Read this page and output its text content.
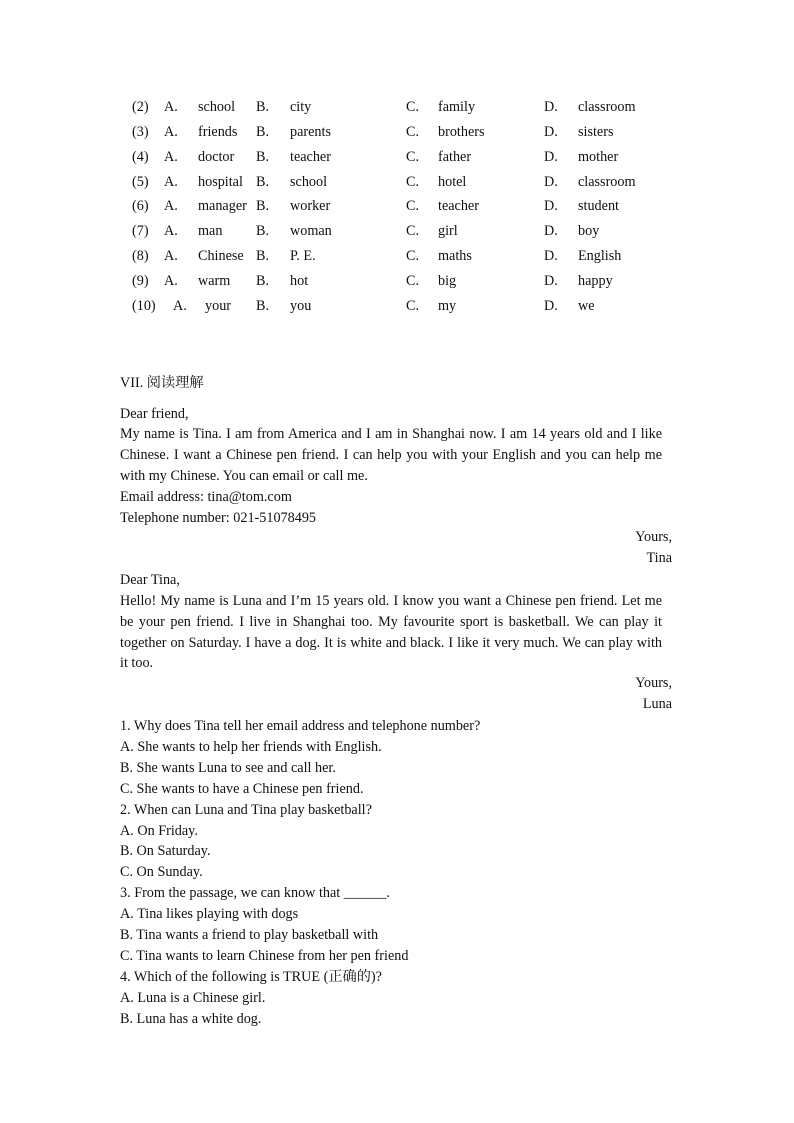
(2) A. school B. city	C. family	D. classroom
(3) A. friends B. parents	C. brothers	D. sisters
(4) A. doctor B. teacher	C. father	D. mother
(5) A. hospital B. school	C. hotel	D. classroom
(6) A. manager B. worker	C. teacher	D. student
(7) A. man B. woman	C. girl	D. boy
(8) A. Chinese B. P. E.	C. maths	D. English
(9) A. warm B. hot	C. big	D. happy
(10) A. your B. you	C. my	D. we
VII. 阅读理解
Dear friend,

My name is Tina. I am from America and I am in Shanghai now. I am 14 years old and I like Chinese. I want a Chinese pen friend. I can help you with your English and you can help me with my Chinese. You can email or call me.

Email address: tina@tom.com
Telephone number: 021-51078495
Yours,
Tina
Dear Tina,

Hello! My name is Luna and I’m 15 years old. I know you want a Chinese pen friend. Let me be your pen friend. I live in Shanghai too. My favourite sport is basketball. We can play it together on Saturday. I have a dog. It is white and black. I like it very much. We can play with it too.

Yours,
Luna
1. Why does Tina tell her email address and telephone number?
A. She wants to help her friends with English.
B. She wants Luna to see and call her.
C. She wants to have a Chinese pen friend.
2. When can Luna and Tina play basketball?
A. On Friday.
B. On Saturday.
C. On Sunday.
3. From the passage, we can know that ______.
A. Tina likes playing with dogs
B. Tina wants a friend to play basketball with
C. Tina wants to learn Chinese from her pen friend
4. Which of the following is TRUE (正确的)?
A. Luna is a Chinese girl.
B. Luna has a white dog.
